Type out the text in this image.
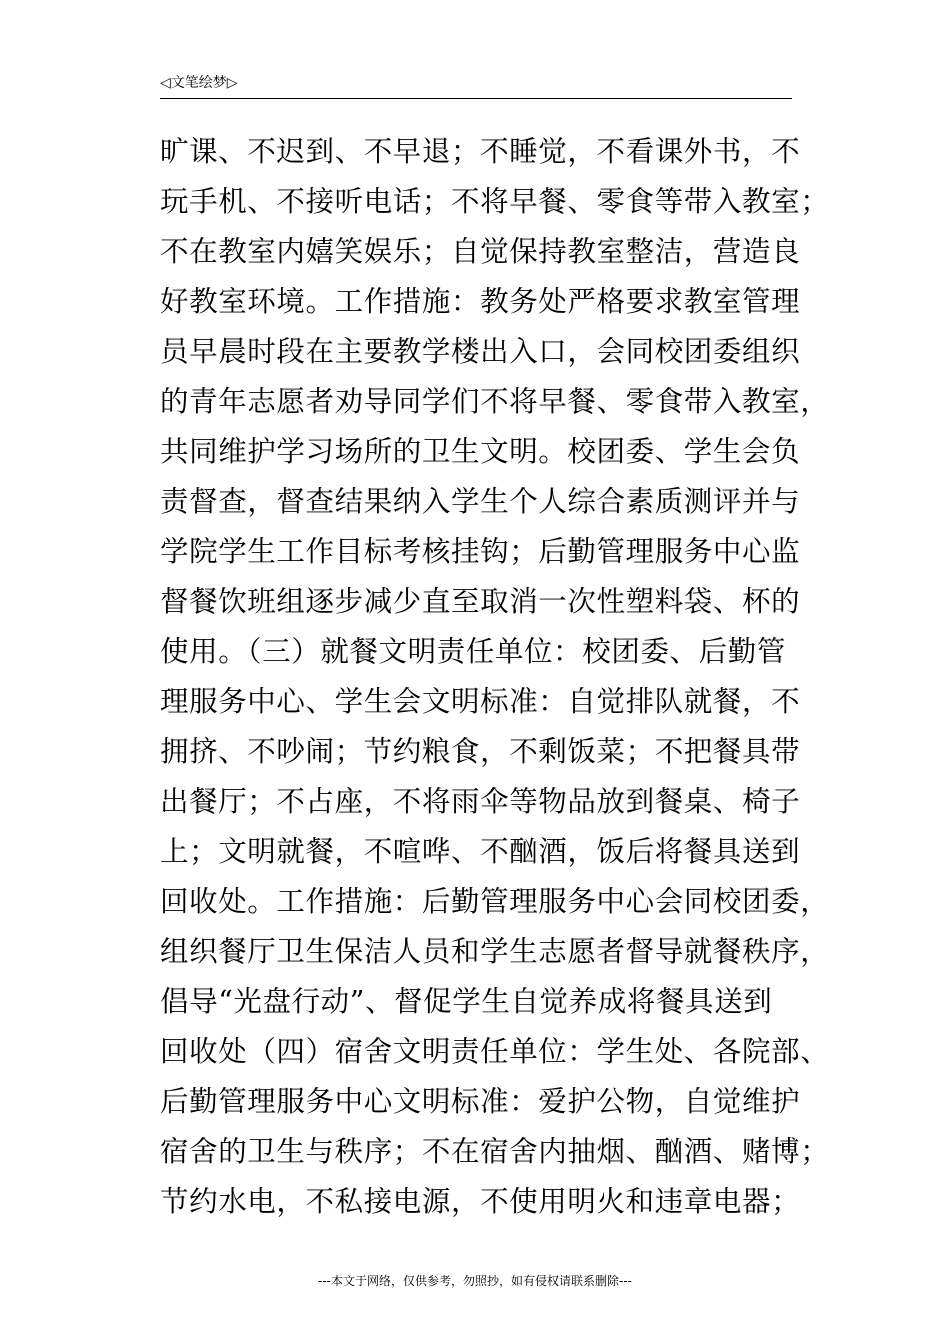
◁文笔绘梦▷
旷课、不迟到、不早退；不睡觉，不看课外书，不
玩手机、不接听电话；不将早餐、零食等带入教室；
不在教室内嬉笑娱乐；自觉保持教室整洁，营造良
好教室环境。工作措施：教务处严格要求教室管理
员早晨时段在主要教学楼出入口，会同校团委组织
的青年志愿者劝导同学们不将早餐、零食带入教室，
共同维护学习场所的卫生文明。校团委、学生会负
责督查，督查结果纳入学生个人综合素质测评并与
学院学生工作目标考核挂钩；后勤管理服务中心监
督餐饮班组逐步减少直至取消一次性塑料袋、杯的
使用。（三）就餐文明责任单位：校团委、后勤管
理服务中心、学生会文明标准：自觉排队就餐，不
拥挤、不吵闹；节约粮食，不剩饭菜；不把餐具带
出餐厅；不占座，不将雨伞等物品放到餐桌、椅子
上；文明就餐，不喧哗、不酗酒，饭后将餐具送到
回收处。工作措施：后勤管理服务中心会同校团委，
组织餐厅卫生保洁人员和学生志愿者督导就餐秩序，
倡导“光盘行动”、督促学生自觉养成将餐具送到
回收处（四）宿舍文明责任单位：学生处、各院部、
后勤管理服务中心文明标准：爱护公物，自觉维护
宿舍的卫生与秩序；不在宿舍内抽烟、酗酒、赌博；
节约水电，不私接电源，不使用明火和违章电器；
---本文于网络，仅供参考，勿照抄，如有侵权请联系删除---
